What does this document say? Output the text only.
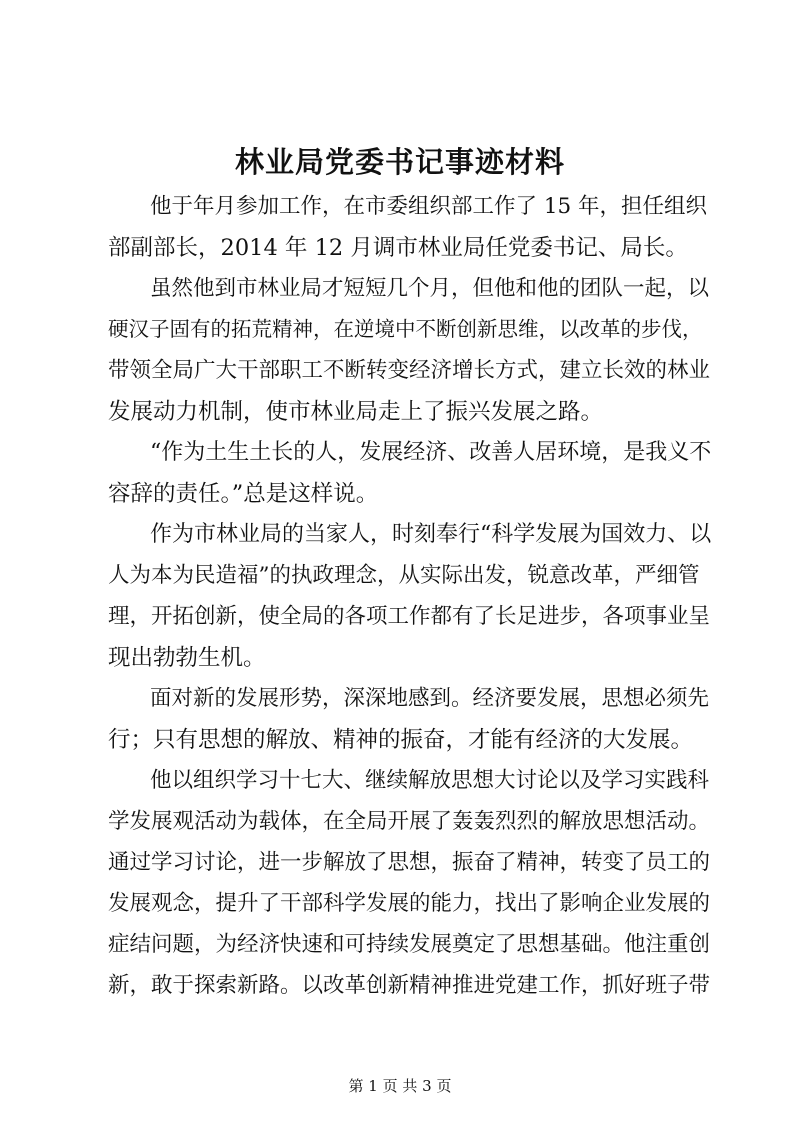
林业局党委书记事迹材料
他于年月参加工作，在市委组织部工作了 15 年，担任组织
部副部长，2014 年 12 月调市林业局任党委书记、局长。
虽然他到市林业局才短短几个月，但他和他的团队一起，以
硬汉子固有的拓荒精神，在逆境中不断创新思维，以改革的步伐，
带领全局广大干部职工不断转变经济增长方式，建立长效的林业
发展动力机制，使市林业局走上了振兴发展之路。
“作为土生土长的人，发展经济、改善人居环境，是我义不
容辞的责任。”总是这样说。
作为市林业局的当家人，时刻奉行“科学发展为国效力、以
人为本为民造福”的执政理念，从实际出发，锐意改革，严细管
理，开拓创新，使全局的各项工作都有了长足进步，各项事业呈
现出勃勃生机。
面对新的发展形势，深深地感到。经济要发展，思想必须先
行；只有思想的解放、精神的振奋，才能有经济的大发展。
他以组织学习十七大、继续解放思想大讨论以及学习实践科
学发展观活动为载体，在全局开展了轰轰烈烈的解放思想活动。
通过学习讨论，进一步解放了思想，振奋了精神，转变了员工的
发展观念，提升了干部科学发展的能力，找出了影响企业发展的
症结问题，为经济快速和可持续发展奠定了思想基础。他注重创
新，敢于探索新路。以改革创新精神推进党建工作，抓好班子带
第 1 页 共 3 页
